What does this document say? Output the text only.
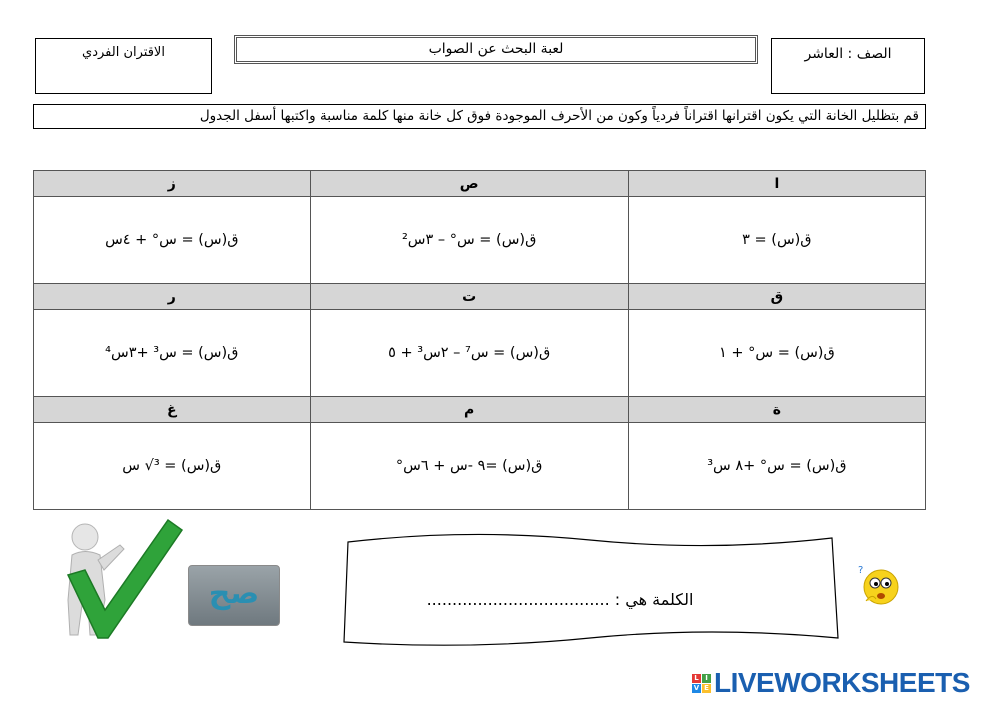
الاقتران الفردي	لعبة البحث عن الصواب	الصف : العاشر
قم بتظليل الخانة التي يكون اقترانها اقتراناً فردياً وكون من الأحرف الموجودة فوق كل خانة منها كلمة مناسبة واكتبها أسفل الجدول
ا	ص	ز
ق(س) = ٣	ق(س) = س° – ٣س²	ق(س) = س° + ٤س
ق	ت	ر
ق(س) = س° + ١	ق(س) = س⁷ – ٢س³ + ٥	ق(س) = س³ +٣س⁴
ة	م	غ
ق(س) = س° +٨ س³	ق(س) =٩ -س + ٦س°	ق(س) = ³√ س
صح	الكلمة هي : ....................................
?
L I
V E LIVEWORKSHEETS
